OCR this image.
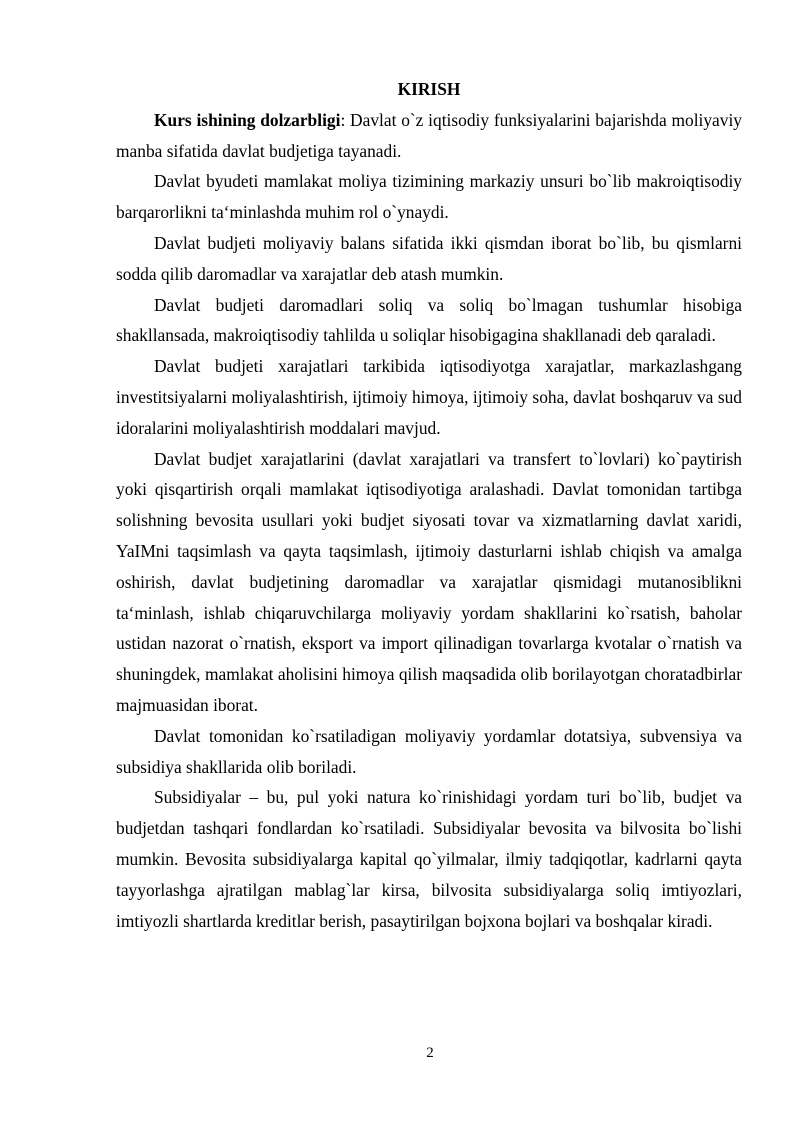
KIRISH

Kurs ishining dolzarbligi: Davlat o`z iqtisodiy funksiyalarini bajarishda moliyaviy manba sifatida davlat budjetiga tayanadi.

Davlat byudeti mamlakat moliya tizimining markaziy unsuri bo`lib makroiqtisodiy barqarorlikni ta‘minlashda muhim rol o`ynaydi.

Davlat budjeti moliyaviy balans sifatida ikki qismdan iborat bo`lib, bu qismlarni sodda qilib daromadlar va xarajatlar deb atash mumkin.

Davlat budjeti daromadlari soliq va soliq bo`lmagan tushumlar hisobiga shakllansada, makroiqtisodiy tahlilda u soliqlar hisobigagina shakllanadi deb qaraladi.

Davlat budjeti xarajatlari tarkibida iqtisodiyotga xarajatlar, markazlashgang investitsiyalarni moliyalashtirish, ijtimoiy himoya, ijtimoiy soha, davlat boshqaruv va sud idoralarini moliyalashtirish moddalari mavjud.

Davlat budjet xarajatlarini (davlat xarajatlari va transfert to`lovlari) ko`paytirish yoki qisqartirish orqali mamlakat iqtisodiyotiga aralashadi. Davlat tomonidan tartibga solishning bevosita usullari yoki budjet siyosati tovar va xizmatlarning davlat xaridi, YaIMni taqsimlash va qayta taqsimlash, ijtimoiy dasturlarni ishlab chiqish va amalga oshirish, davlat budjetining daromadlar va xarajatlar qismidagi mutanosiblikni ta‘minlash, ishlab chiqaruvchilarga moliyaviy yordam shakllarini ko`rsatish, baholar ustidan nazorat o`rnatish, eksport va import qilinadigan tovarlarga kvotalar o`rnatish va shuningdek, mamlakat aholisini himoya qilish maqsadida olib borilayotgan choratadbirlar majmuasidan iborat.

Davlat tomonidan ko`rsatiladigan moliyaviy yordamlar dotatsiya, subvensiya va subsidiya shakllarida olib boriladi.

Subsidiyalar – bu, pul yoki natura ko`rinishidagi yordam turi bo`lib, budjet va budjetdan tashqari fondlardan ko`rsatiladi. Subsidiyalar bevosita va bilvosita bo`lishi mumkin. Bevosita subsidiyalarga kapital qo`yilmalar, ilmiy tadqiqotlar, kadrlarni qayta tayyorlashga ajratilgan mablag`lar kirsa, bilvosita subsidiyalarga soliq imtiyozlari, imtiyozli shartlarda kreditlar berish, pasaytirilgan bojxona bojlari va boshqalar kiradi.

2
